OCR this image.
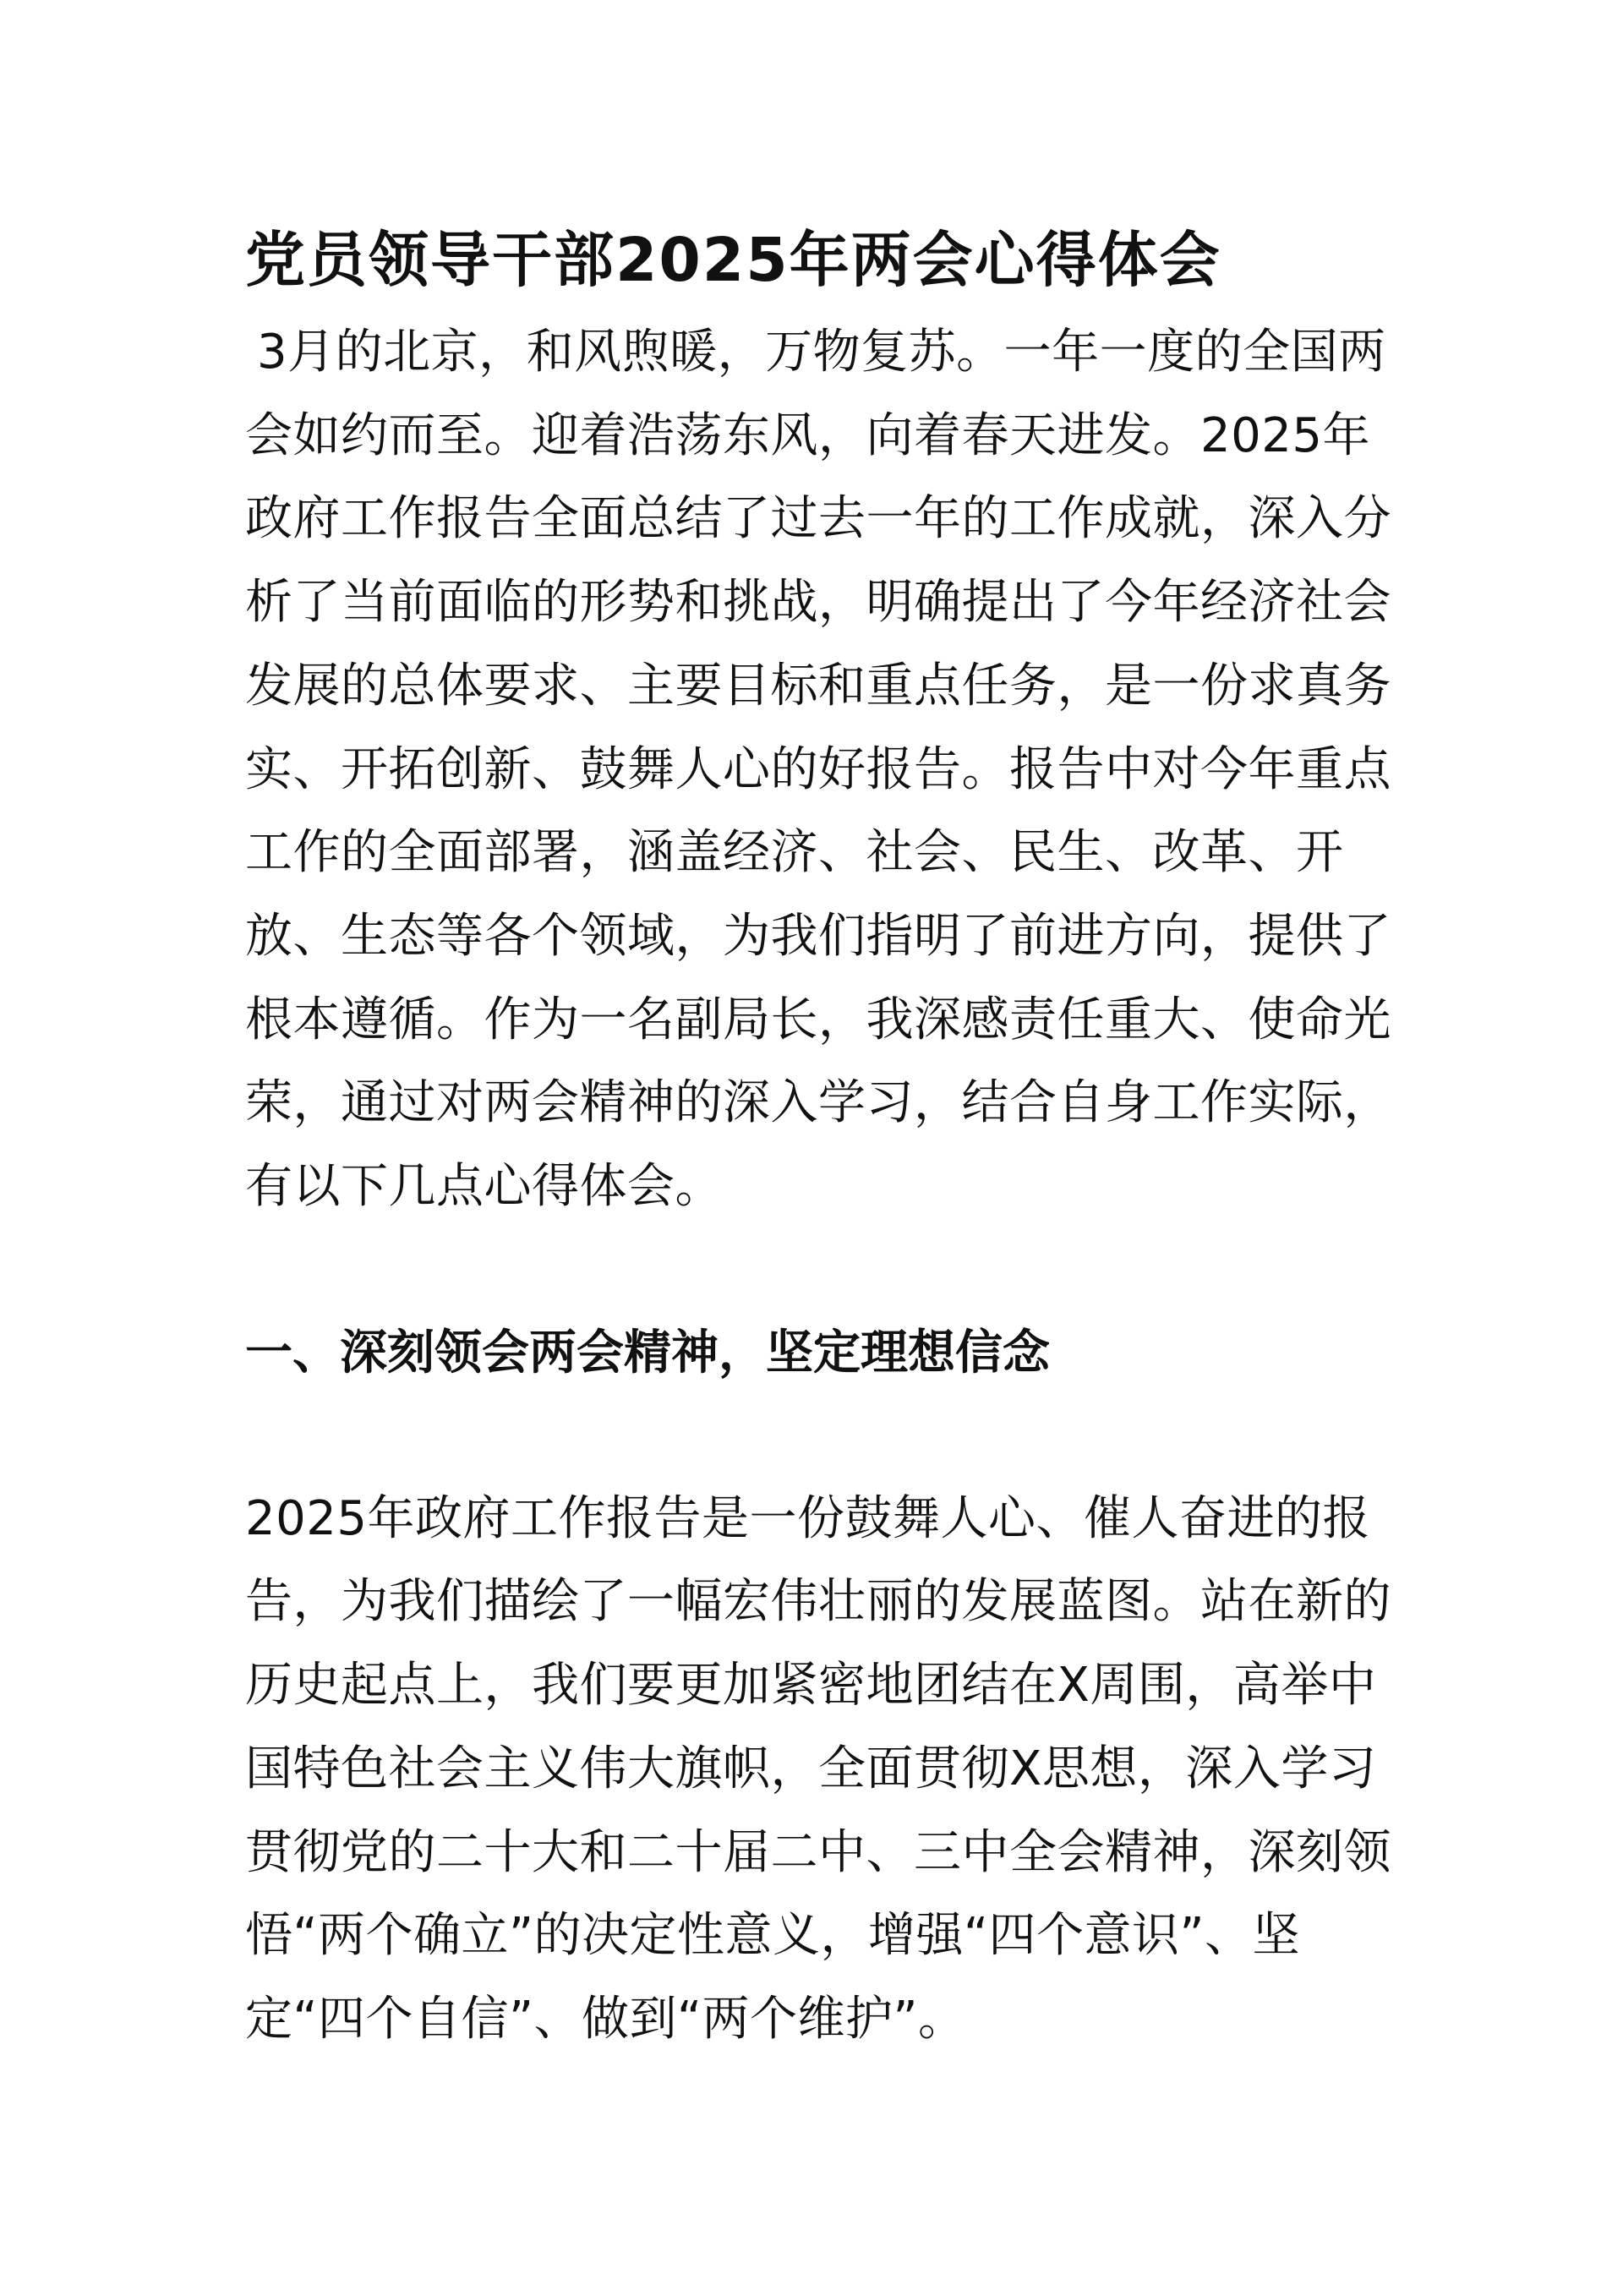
党员领导干部2025年两会心得体会

3月的北京，和风煦暖，万物复苏。一年一度的全国两会如约而至。迎着浩荡东风，向着春天进发。2025年政府工作报告全面总结了过去一年的工作成就，深入分析了当前面临的形势和挑战，明确提出了今年经济社会发展的总体要求、主要目标和重点任务，是一份求真务实、开拓创新、鼓舞人心的好报告。报告中对今年重点工作的全面部署，涵盖经济、社会、民生、改革、开放、生态等各个领域，为我们指明了前进方向，提供了根本遵循。作为一名副局长，我深感责任重大、使命光荣，通过对两会精神的深入学习，结合自身工作实际，有以下几点心得体会。

一、深刻领会两会精神，坚定理想信念

2025年政府工作报告是一份鼓舞人心、催人奋进的报告，为我们描绘了一幅宏伟壮丽的发展蓝图。站在新的历史起点上，我们要更加紧密地团结在X周围，高举中国特色社会主义伟大旗帜，全面贯彻X思想，深入学习贯彻党的二十大和二十届二中、三中全会精神，深刻领悟“两个确立”的决定性意义，增强“四个意识”、坚定“四个自信”、做到“两个维护”。
